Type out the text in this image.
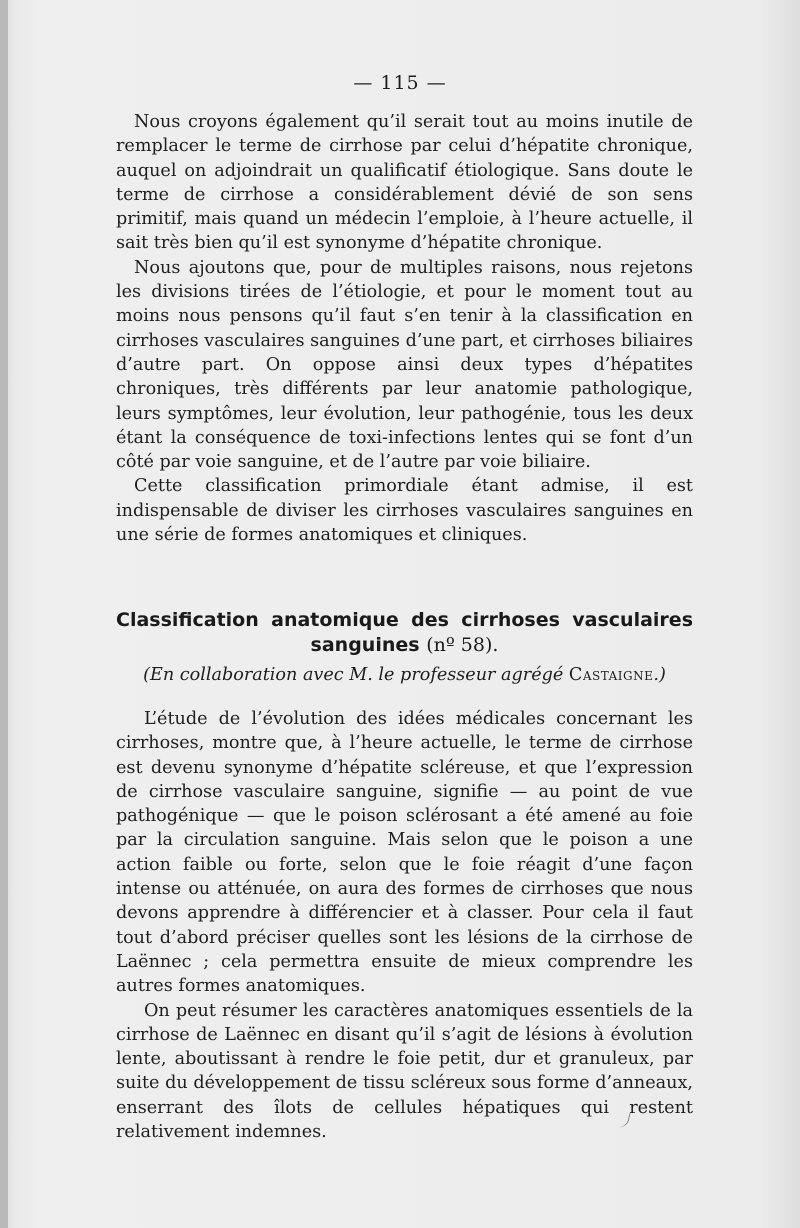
— 115 —

Nous croyons également qu’il serait tout au moins inutile de remplacer le terme de cirrhose par celui d’hépatite chronique, auquel on adjoindrait un qualificatif étiologique. Sans doute le terme de cirrhose a considérablement dévié de son sens primitif, mais quand un médecin l’emploie, à l’heure actuelle, il sait très bien qu’il est synonyme d’hépatite chronique.

Nous ajoutons que, pour de multiples raisons, nous rejetons les divisions tirées de l’étiologie, et pour le moment tout au moins nous pensons qu’il faut s’en tenir à la classification en cirrhoses vasculaires sanguines d’une part, et cirrhoses biliaires d’autre part. On oppose ainsi deux types d’hépatites chroniques, très différents par leur anatomie pathologique, leurs symptômes, leur évolution, leur pathogénie, tous les deux étant la conséquence de toxi-infections lentes qui se font d’un côté par voie sanguine, et de l’autre par voie biliaire.

Cette classification primordiale étant admise, il est indispensable de diviser les cirrhoses vasculaires sanguines en une série de formes anatomiques et cliniques.

Classification anatomique des cirrhoses vasculaires
sanguines (nº 58).
(En collaboration avec M. le professeur agrégé Castaigne.)

L’étude de l’évolution des idées médicales concernant les cirrhoses, montre que, à l’heure actuelle, le terme de cirrhose est devenu synonyme d’hépatite scléreuse, et que l’expression de cirrhose vasculaire sanguine, signifie — au point de vue pathogénique — que le poison sclérosant a été amené au foie par la circulation sanguine. Mais selon que le poison a une action faible ou forte, selon que le foie réagit d’une façon intense ou atténuée, on aura des formes de cirrhoses que nous devons apprendre à différencier et à classer. Pour cela il faut tout d’abord préciser quelles sont les lésions de la cirrhose de Laënnec ; cela permettra ensuite de mieux comprendre les autres formes anatomiques.

On peut résumer les caractères anatomiques essentiels de la cirrhose de Laënnec en disant qu’il s’agit de lésions à évolution lente, aboutissant à rendre le foie petit, dur et granuleux, par suite du développement de tissu scléreux sous forme d’anneaux, enserrant des îlots de cellules hépatiques qui restent relativement indemnes.
